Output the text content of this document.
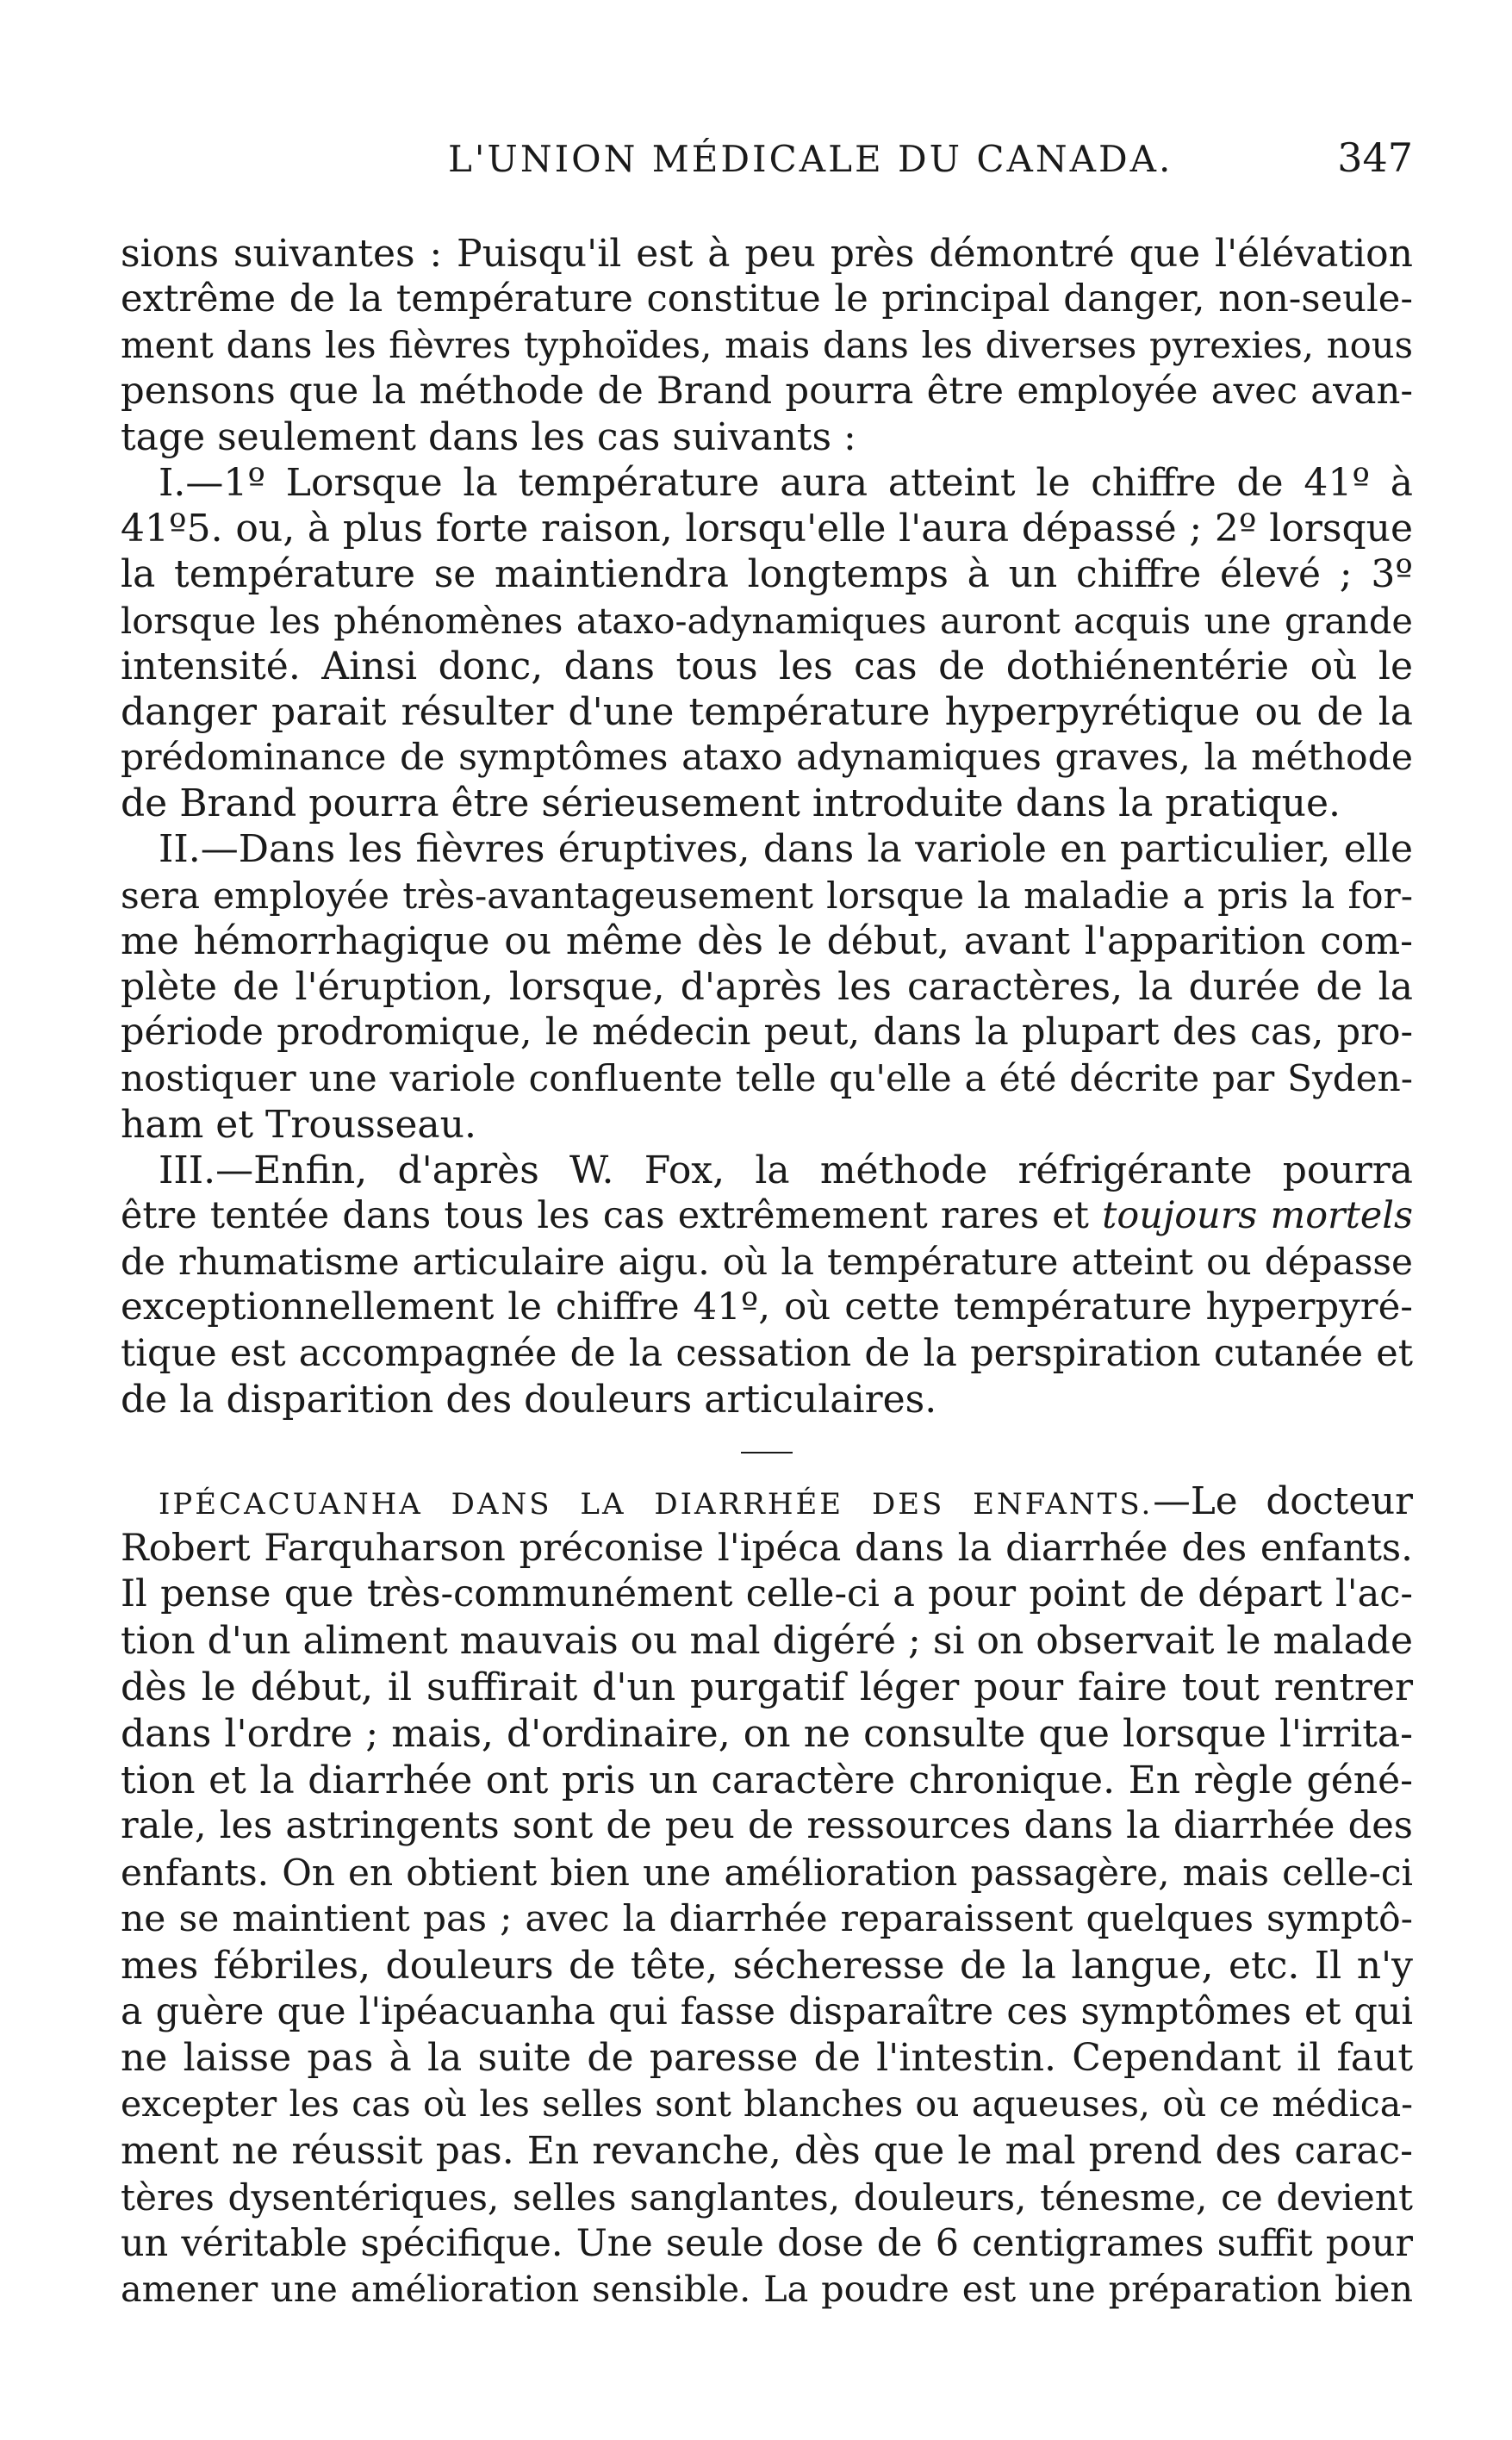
L'UNION MÉDICALE DU CANADA.	347
sions suivantes : Puisqu'il est à peu près démontré que l'élévation
extrême de la température constitue le principal danger, non-seule-
ment dans les fièvres typhoïdes, mais dans les diverses pyrexies, nous
pensons que la méthode de Brand pourra être employée avec avan-
tage seulement dans les cas suivants :
I.—1º Lorsque la température aura atteint le chiffre de 41º à
41º5. ou, à plus forte raison, lorsqu'elle l'aura dépassé ; 2º lorsque
la température se maintiendra longtemps à un chiffre élevé ; 3º
lorsque les phénomènes ataxo-adynamiques auront acquis une grande
intensité. Ainsi donc, dans tous les cas de dothiénentérie où le
danger parait résulter d'une température hyperpyrétique ou de la
prédominance de symptômes ataxo adynamiques graves, la méthode
de Brand pourra être sérieusement introduite dans la pratique.
II.—Dans les fièvres éruptives, dans la variole en particulier, elle
sera employée très-avantageusement lorsque la maladie a pris la for-
me hémorrhagique ou même dès le début, avant l'apparition com-
plète de l'éruption, lorsque, d'après les caractères, la durée de la
période prodromique, le médecin peut, dans la plupart des cas, pro-
nostiquer une variole confluente telle qu'elle a été décrite par Syden-
ham et Trousseau.
III.—Enfin, d'après W. Fox, la méthode réfrigérante pourra
être tentée dans tous les cas extrêmement rares et toujours mortels
de rhumatisme articulaire aigu. où la température atteint ou dépasse
exceptionnellement le chiffre 41º, où cette température hyperpyré-
tique est accompagnée de la cessation de la perspiration cutanée et
de la disparition des douleurs articulaires.
IPÉCACUANHA DANS LA DIARRHÉE DES ENFANTS.—Le docteur
Robert Farquharson préconise l'ipéca dans la diarrhée des enfants.
Il pense que très-communément celle-ci a pour point de départ l'ac-
tion d'un aliment mauvais ou mal digéré ; si on observait le malade
dès le début, il suffirait d'un purgatif léger pour faire tout rentrer
dans l'ordre ; mais, d'ordinaire, on ne consulte que lorsque l'irrita-
tion et la diarrhée ont pris un caractère chronique. En règle géné-
rale, les astringents sont de peu de ressources dans la diarrhée des
enfants. On en obtient bien une amélioration passagère, mais celle-ci
ne se maintient pas ; avec la diarrhée reparaissent quelques symptô-
mes fébriles, douleurs de tête, sécheresse de la langue, etc. Il n'y
a guère que l'ipéacuanha qui fasse disparaître ces symptômes et qui
ne laisse pas à la suite de paresse de l'intestin. Cependant il faut
excepter les cas où les selles sont blanches ou aqueuses, où ce médica-
ment ne réussit pas. En revanche, dès que le mal prend des carac-
tères dysentériques, selles sanglantes, douleurs, ténesme, ce devient
un véritable spécifique. Une seule dose de 6 centigrames suffit pour
amener une amélioration sensible. La poudre est une préparation bien
